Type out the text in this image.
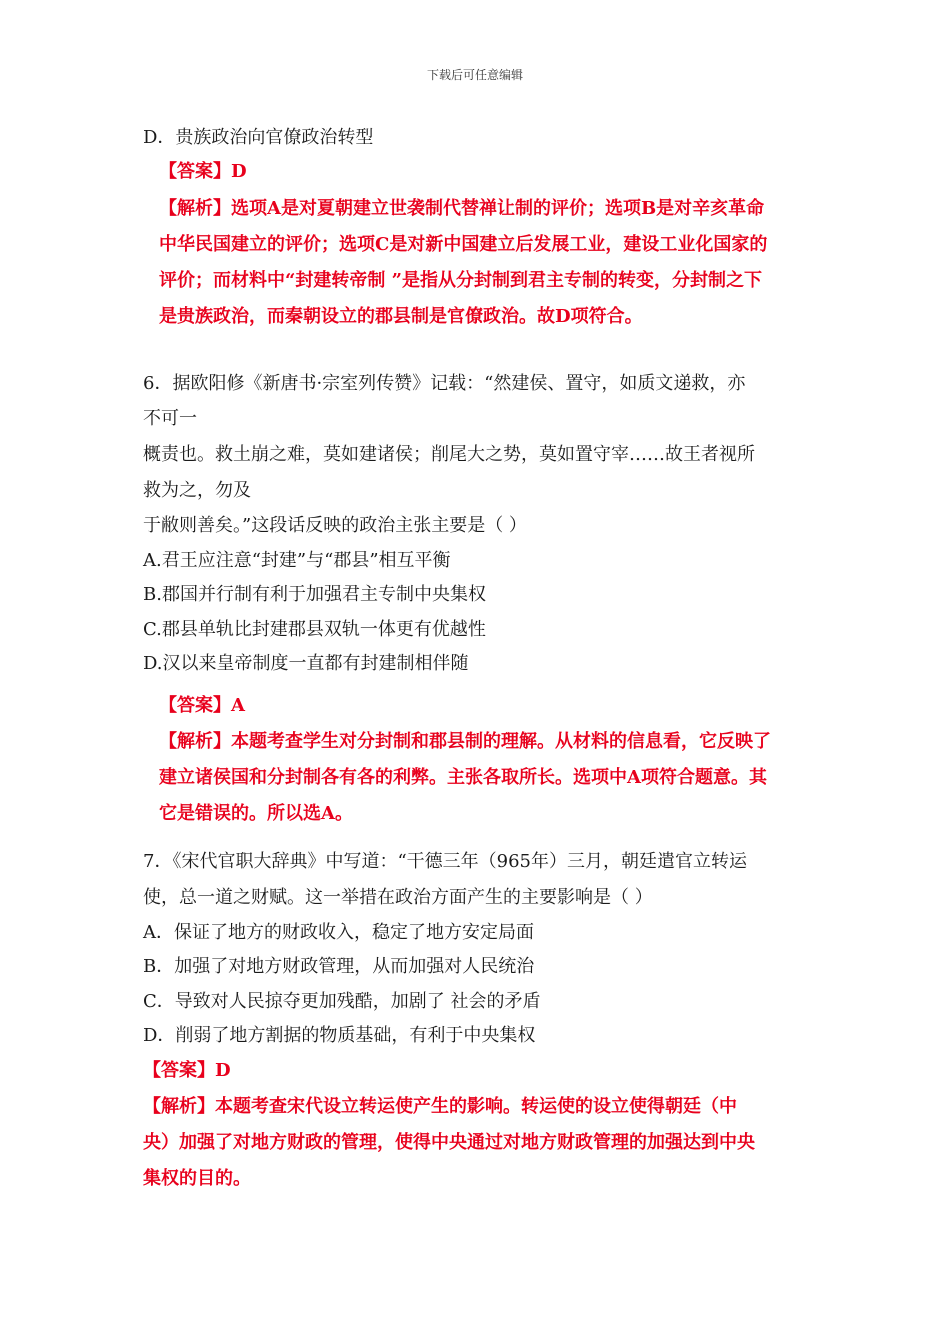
下载后可任意编辑
D．贵族政治向官僚政治转型
【答案】D
【解析】选项A是对夏朝建立世袭制代替禅让制的评价；选项B是对辛亥革命
中华民国建立的评价；选项C是对新中国建立后发展工业，建设工业化国家的
评价；而材料中“封建转帝制 ”是指从分封制到君主专制的转变，分封制之下
是贵族政治，而秦朝设立的郡县制是官僚政治。故D项符合。
6．据欧阳修《新唐书·宗室列传赞》记载：“然建侯、置守，如质文递救，亦
不可一
概责也。救土崩之难，莫如建诸侯；削尾大之势，莫如置守宰……故王者视所
救为之，勿及
于敝则善矣。”这段话反映的政治主张主要是（ ）
A.君王应注意“封建”与“郡县”相互平衡
B.郡国并行制有利于加强君主专制中央集权
C.郡县单轨比封建郡县双轨一体更有优越性
D.汉以来皇帝制度一直都有封建制相伴随
【答案】A
【解析】本题考查学生对分封制和郡县制的理解。从材料的信息看，它反映了
建立诸侯国和分封制各有各的利弊。主张各取所长。选项中A项符合题意。其
它是错误的。所以选A。
7．《宋代官职大辞典》中写道：“干德三年（965年）三月，朝廷遣官立转运
使，总一道之财赋。这一举措在政治方面产生的主要影响是（ ）
A．保证了地方的财政收入，稳定了地方安定局面
B．加强了对地方财政管理，从而加强对人民统治
C．导致对人民掠夺更加残酷，加剧了 社会的矛盾
D．削弱了地方割据的物质基础，有利于中央集权
【答案】D
【解析】本题考查宋代设立转运使产生的影响。转运使的设立使得朝廷（中
央）加强了对地方财政的管理，使得中央通过对地方财政管理的加强达到中央
集权的目的。
